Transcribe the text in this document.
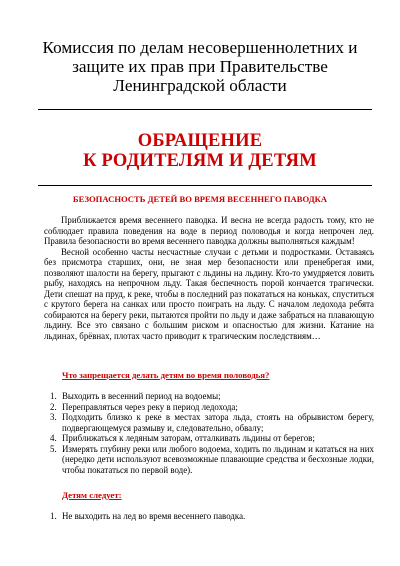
Комиссия по делам несовершеннолетних и
защите их прав при Правительстве
Ленинградской области
ОБРАЩЕНИЕ
К РОДИТЕЛЯМ И ДЕТЯМ
БЕЗОПАСНОСТЬ ДЕТЕЙ ВО ВРЕМЯ ВЕСЕННЕГО ПАВОДКА

Приближается время весеннего паводка. И весна не всегда радость тому, кто не соблюдает правила поведения на воде в период половодья и когда непрочен лед. Правила безопасности во время весеннего паводка должны выполняться каждым!

Весной особенно часты несчастные случаи с детьми и подростками. Оставаясь без присмотра старших, они, не зная мер безопасности или пренебрегая ими, позволяют шалости на берегу, прыгают с льдины на льдину. Кто-то умудряется ловить рыбу, находясь на непрочном льду. Такая беспечность порой кончается трагически. Дети спешат на пруд, к реке, чтобы в последний раз покататься на коньках, спуститься с крутого берега на санках или просто поиграть на льду. С началом ледохода ребята собираются на берегу реки, пытаются пройти по льду и даже забраться на плавающую льдину. Все это связано с большим риском и опасностью для жизни. Катание на льдинах, брёвнах, плотах часто приводит к трагическим последствиям…

Что запрещается делать детям во время половодья?
1. Выходить в весенний период на водоемы;
2. Переправляться через реку в период ледохода;
3. Подходить близко к реке в местах затора льда, стоять на обрывистом берегу, подвергающемуся размыву и, следовательно, обвалу;
4. Приближаться к ледяным заторам, отталкивать льдины от берегов;
5. Измерять глубину реки или любого водоема, ходить по льдинам и кататься на них (нередко дети используют всевозможные плавающие средства и бесхозные лодки, чтобы покататься по первой воде).
Детям следует:
1. Не выходить на лед во время весеннего паводка.
